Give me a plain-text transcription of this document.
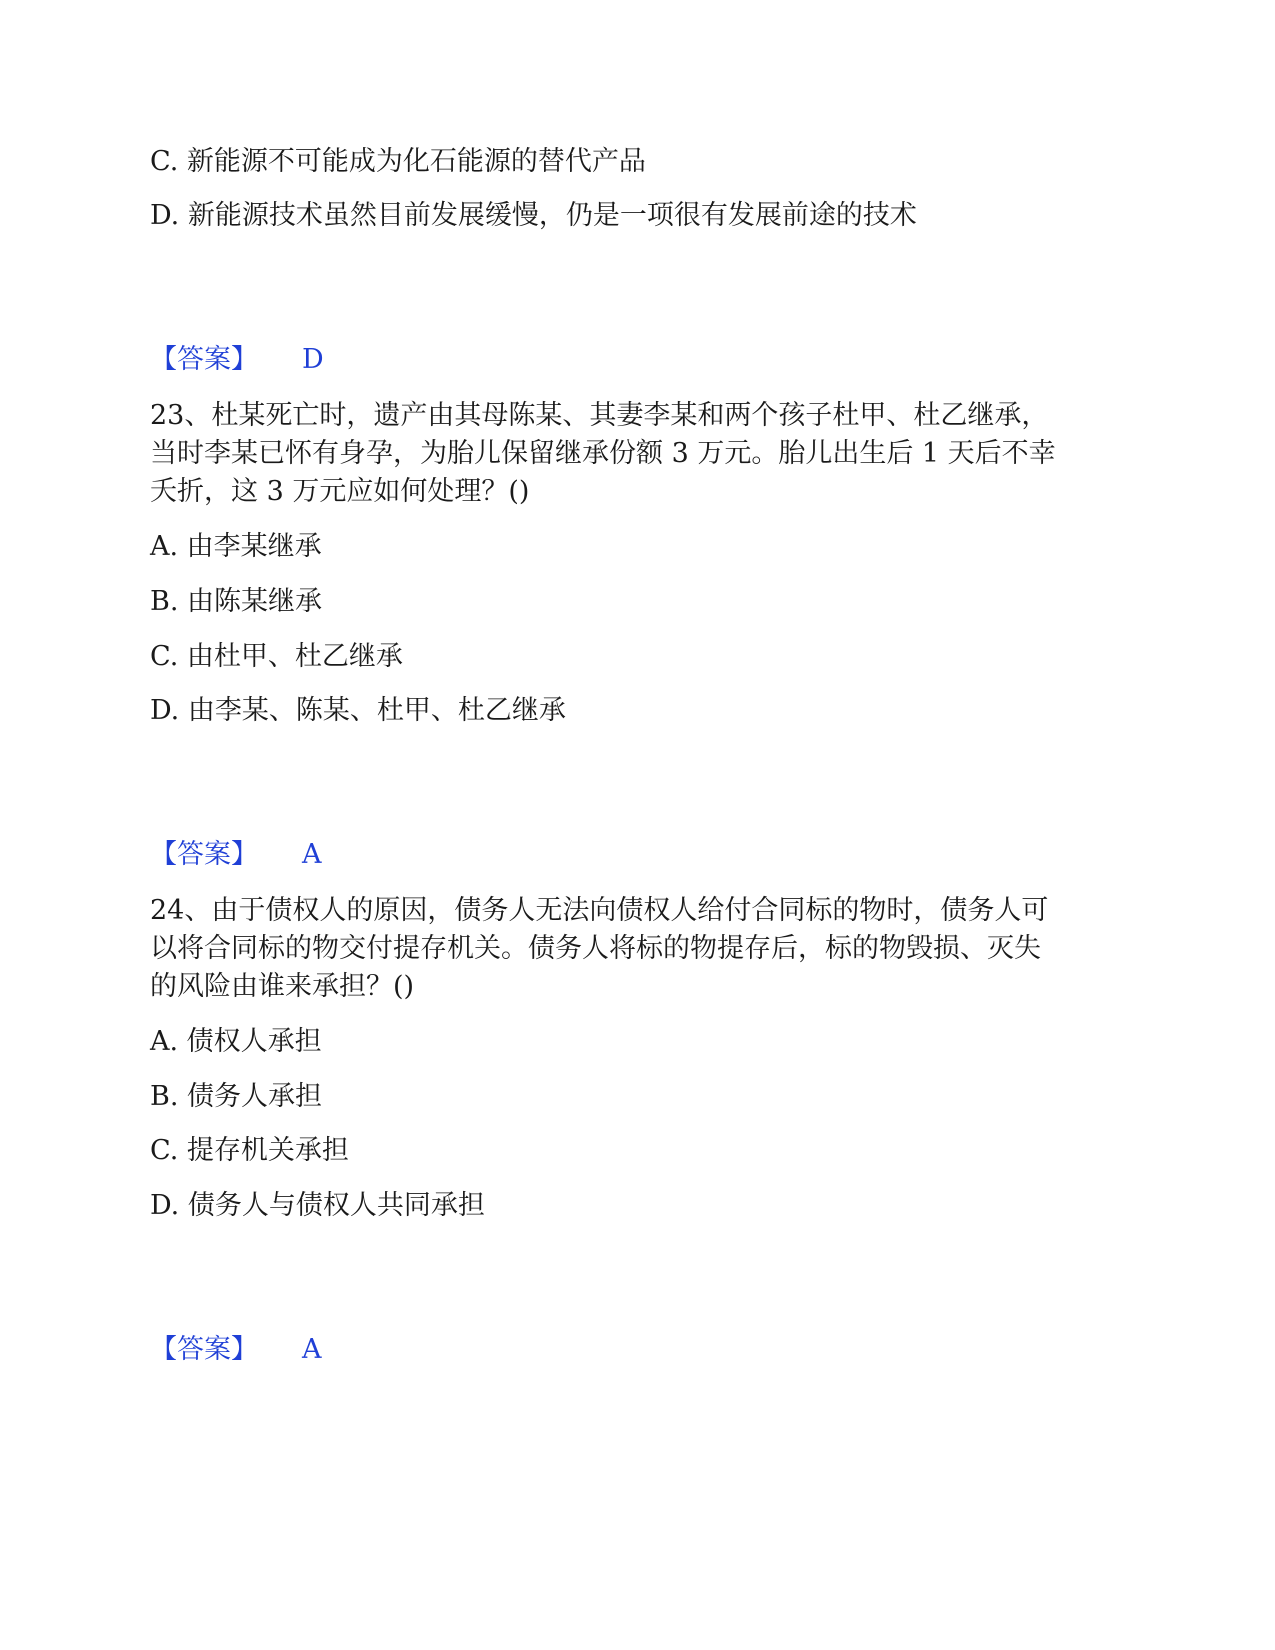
C. 新能源不可能成为化石能源的替代产品
D. 新能源技术虽然目前发展缓慢，仍是一项很有发展前途的技术
【答案】 D
23、杜某死亡时，遗产由其母陈某、其妻李某和两个孩子杜甲、杜乙继承，
当时李某已怀有身孕，为胎儿保留继承份额 3 万元。胎儿出生后 1 天后不幸
夭折，这 3 万元应如何处理？()
A. 由李某继承
B. 由陈某继承
C. 由杜甲、杜乙继承
D. 由李某、陈某、杜甲、杜乙继承
【答案】 A
24、由于债权人的原因，债务人无法向债权人给付合同标的物时，债务人可
以将合同标的物交付提存机关。债务人将标的物提存后，标的物毁损、灭失
的风险由谁来承担？()
A. 债权人承担
B. 债务人承担
C. 提存机关承担
D. 债务人与债权人共同承担
【答案】 A
